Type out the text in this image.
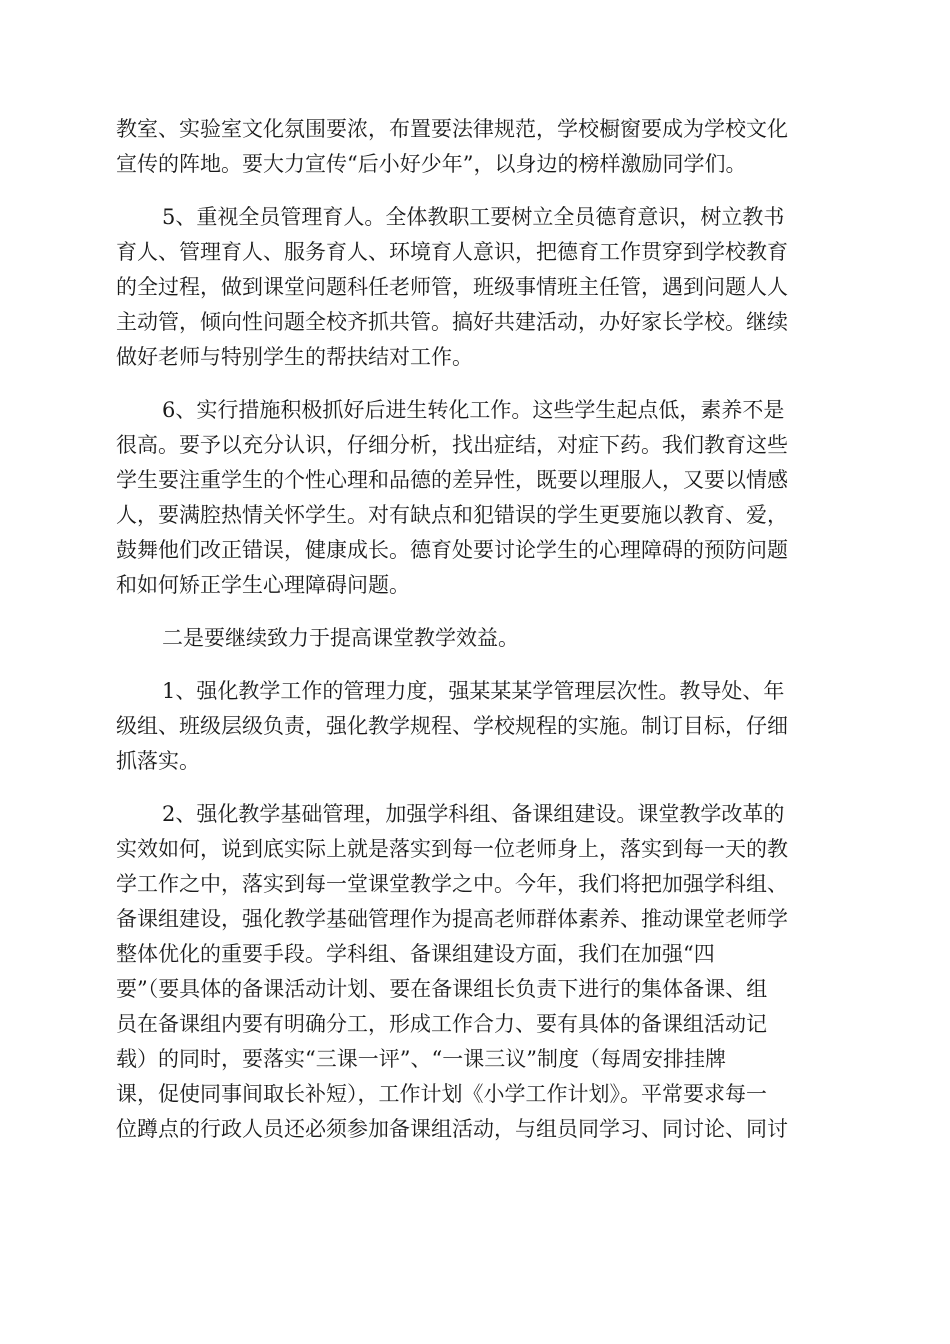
教室、实验室文化氛围要浓，布置要法律规范，学校橱窗要成为学校文化
宣传的阵地。要大力宣传“后小好少年”，以身边的榜样激励同学们。
5、重视全员管理育人。全体教职工要树立全员德育意识，树立教书
育人、管理育人、服务育人、环境育人意识，把德育工作贯穿到学校教育
的全过程，做到课堂问题科任老师管，班级事情班主任管，遇到问题人人
主动管，倾向性问题全校齐抓共管。搞好共建活动，办好家长学校。继续
做好老师与特别学生的帮扶结对工作。
6、实行措施积极抓好后进生转化工作。这些学生起点低，素养不是
很高。要予以充分认识，仔细分析，找出症结，对症下药。我们教育这些
学生要注重学生的个性心理和品德的差异性，既要以理服人，又要以情感
人，要满腔热情关怀学生。对有缺点和犯错误的学生更要施以教育、爱，
鼓舞他们改正错误，健康成长。德育处要讨论学生的心理障碍的预防问题
和如何矫正学生心理障碍问题。
二是要继续致力于提高课堂教学效益。
1、强化教学工作的管理力度，强某某某学管理层次性。教导处、年
级组、班级层级负责，强化教学规程、学校规程的实施。制订目标，仔细
抓落实。
2、强化教学基础管理，加强学科组、备课组建设。课堂教学改革的
实效如何，说到底实际上就是落实到每一位老师身上，落实到每一天的教
学工作之中，落实到每一堂课堂教学之中。今年，我们将把加强学科组、
备课组建设，强化教学基础管理作为提高老师群体素养、推动课堂老师学
整体优化的重要手段。学科组、备课组建设方面，我们在加强“四
要”（要具体的备课活动计划、要在备课组长负责下进行的集体备课、组
员在备课组内要有明确分工，形成工作合力、要有具体的备课组活动记
载）的同时，要落实“三课一评”、“一课三议”制度（每周安排挂牌
课，促使同事间取长补短），工作计划《小学工作计划》。平常要求每一
位蹲点的行政人员还必须参加备课组活动，与组员同学习、同讨论、同讨
